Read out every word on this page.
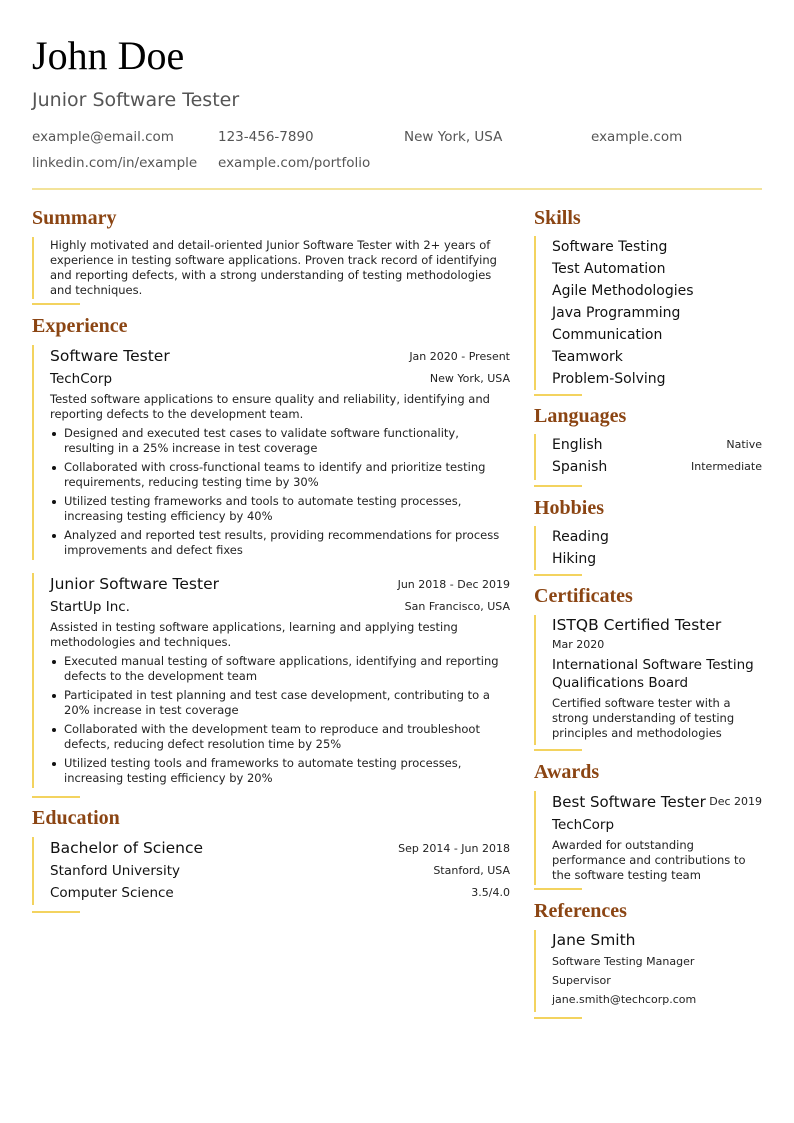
John Doe
Junior Software Tester
example@email.com	123-456-7890	New York, USA	example.com
linkedin.com/in/example example.com/portfolio
Summary
Highly motivated and detail-oriented Junior Software Tester with 2+ years of experience in testing software applications. Proven track record of identifying and reporting defects, with a strong understanding of testing methodologies and techniques.
Experience
Software Tester	Jan 2020 - Present
TechCorp	New York, USA
Tested software applications to ensure quality and reliability, identifying and reporting defects to the development team.
Designed and executed test cases to validate software functionality, resulting in a 25% increase in test coverage
Collaborated with cross-functional teams to identify and prioritize testing requirements, reducing testing time by 30%
Utilized testing frameworks and tools to automate testing processes, increasing testing efficiency by 40%
Analyzed and reported test results, providing recommendations for process improvements and defect fixes
Junior Software Tester	Jun 2018 - Dec 2019
StartUp Inc.	San Francisco, USA
Assisted in testing software applications, learning and applying testing methodologies and techniques.
Executed manual testing of software applications, identifying and reporting defects to the development team
Participated in test planning and test case development, contributing to a 20% increase in test coverage
Collaborated with the development team to reproduce and troubleshoot defects, reducing defect resolution time by 25%
Utilized testing tools and frameworks to automate testing processes, increasing testing efficiency by 20%
Education
Bachelor of Science	Sep 2014 - Jun 2018
Stanford University	Stanford, USA
Computer Science	3.5/4.0
Skills
Software Testing
Test Automation
Agile Methodologies
Java Programming
Communication
Teamwork
Problem-Solving
Languages
English	Native
Spanish	Intermediate
Hobbies
Reading
Hiking
Certificates
ISTQB Certified Tester
Mar 2020
International Software Testing Qualifications Board
Certified software tester with a strong understanding of testing principles and methodologies
Awards
Best Software Tester Dec 2019
TechCorp
Awarded for outstanding performance and contributions to the software testing team
References
Jane Smith
Software Testing Manager
Supervisor
jane.smith@techcorp.com
